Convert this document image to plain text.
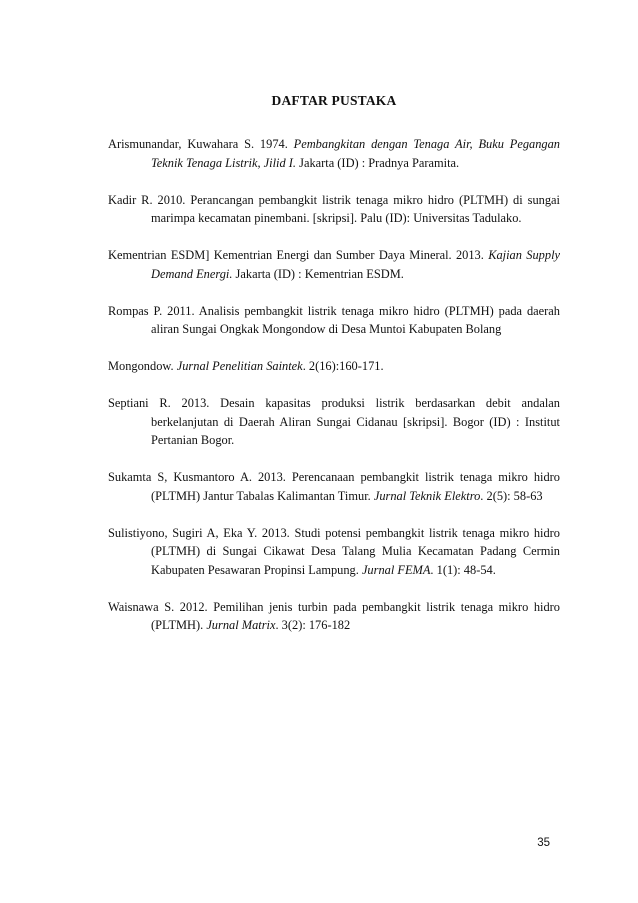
DAFTAR PUSTAKA

Arismunandar, Kuwahara S. 1974. Pembangkitan dengan Tenaga Air, Buku Pegangan Teknik Tenaga Listrik, Jilid I. Jakarta (ID) : Pradnya Paramita.

Kadir R. 2010. Perancangan pembangkit listrik tenaga mikro hidro (PLTMH) di sungai marimpa kecamatan pinembani. [skripsi]. Palu (ID): Universitas Tadulako.

Kementrian ESDM] Kementrian Energi dan Sumber Daya Mineral. 2013. Kajian Supply Demand Energi. Jakarta (ID) : Kementrian ESDM.

Rompas P. 2011. Analisis pembangkit listrik tenaga mikro hidro (PLTMH) pada daerah aliran Sungai Ongkak Mongondow di Desa Muntoi Kabupaten Bolang

Mongondow. Jurnal Penelitian Saintek. 2(16):160-171.

Septiani R. 2013. Desain kapasitas produksi listrik berdasarkan debit andalan berkelanjutan di Daerah Aliran Sungai Cidanau [skripsi]. Bogor (ID) : Institut Pertanian Bogor.

Sukamta S, Kusmantoro A. 2013. Perencanaan pembangkit listrik tenaga mikro hidro (PLTMH) Jantur Tabalas Kalimantan Timur. Jurnal Teknik Elektro. 2(5): 58-63

Sulistiyono, Sugiri A, Eka Y. 2013. Studi potensi pembangkit listrik tenaga mikro hidro (PLTMH) di Sungai Cikawat Desa Talang Mulia Kecamatan Padang Cermin Kabupaten Pesawaran Propinsi Lampung. Jurnal FEMA. 1(1): 48-54.

Waisnawa S. 2012. Pemilihan jenis turbin pada pembangkit listrik tenaga mikro hidro (PLTMH). Jurnal Matrix. 3(2): 176-182

35
